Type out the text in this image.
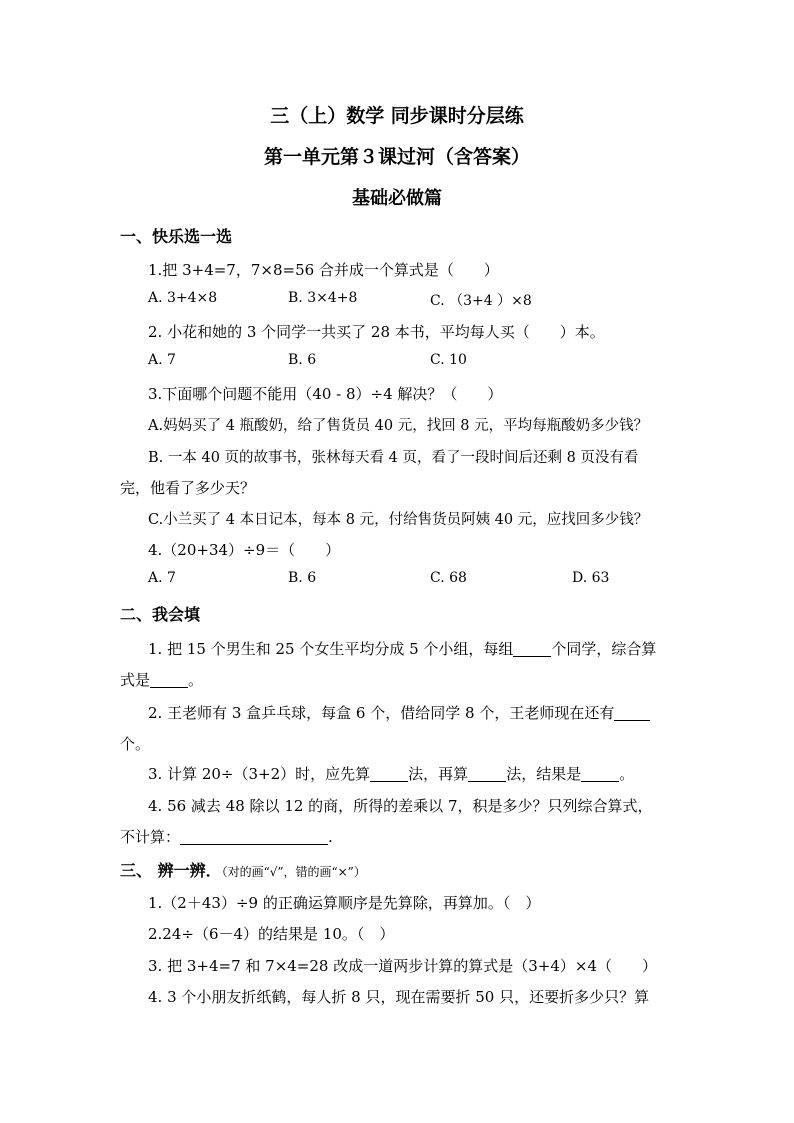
三（上）数学 同步课时分层练
第一单元第３课过河（含答案）
基础必做篇
一、快乐选一选
1.把 3+4=7，7×8=56 合并成一个算式是（　　）
A. 3+4×8	B. 3×4+8	C. （3+4 ）×8
2. 小花和她的 3 个同学一共买了 28 本书，平均每人买（　　）本。
A. 7	B. 6	C. 10
3.下面哪个问题不能用（40 - 8）÷4 解决？（　　）
A.妈妈买了 4 瓶酸奶，给了售货员 40 元，找回 8 元，平均每瓶酸奶多少钱？
B. 一本 40 页的故事书，张林每天看 4 页，看了一段时间后还剩 8 页没有看
完，他看了多少天？
C.小兰买了 4 本日记本，每本 8 元，付给售货员阿姨 40 元，应找回多少钱？
4.（20+34）÷9＝（　　）
A. 7	B. 6	C. 68	D. 63
二、我会填
1. 把 15 个男生和 25 个女生平均分成 5 个小组，每组	个同学，综合算
式是	。
2. 王老师有 3 盒乒乓球，每盒 6 个，借给同学 8 个，王老师现在还有
个。
3. 计算 20÷（3+2）时，应先算	法，再算	法，结果是	。
4. 56 减去 48 除以 12 的商，所得的差乘以 7，积是多少？只列综合算式，
不计算：	.
三、 辨一辨．（对的画“√”，错的画“×”）
1.（2＋43）÷9 的正确运算顺序是先算除，再算加。（　）
2.24÷（6－4）的结果是 10。（　）
3. 把 3+4=7 和 7×4=28 改成一道两步计算的算式是（3+4）×4（　　）
4. 3 个小朋友折纸鹤，每人折 8 只，现在需要折 50 只，还要折多少只？算
